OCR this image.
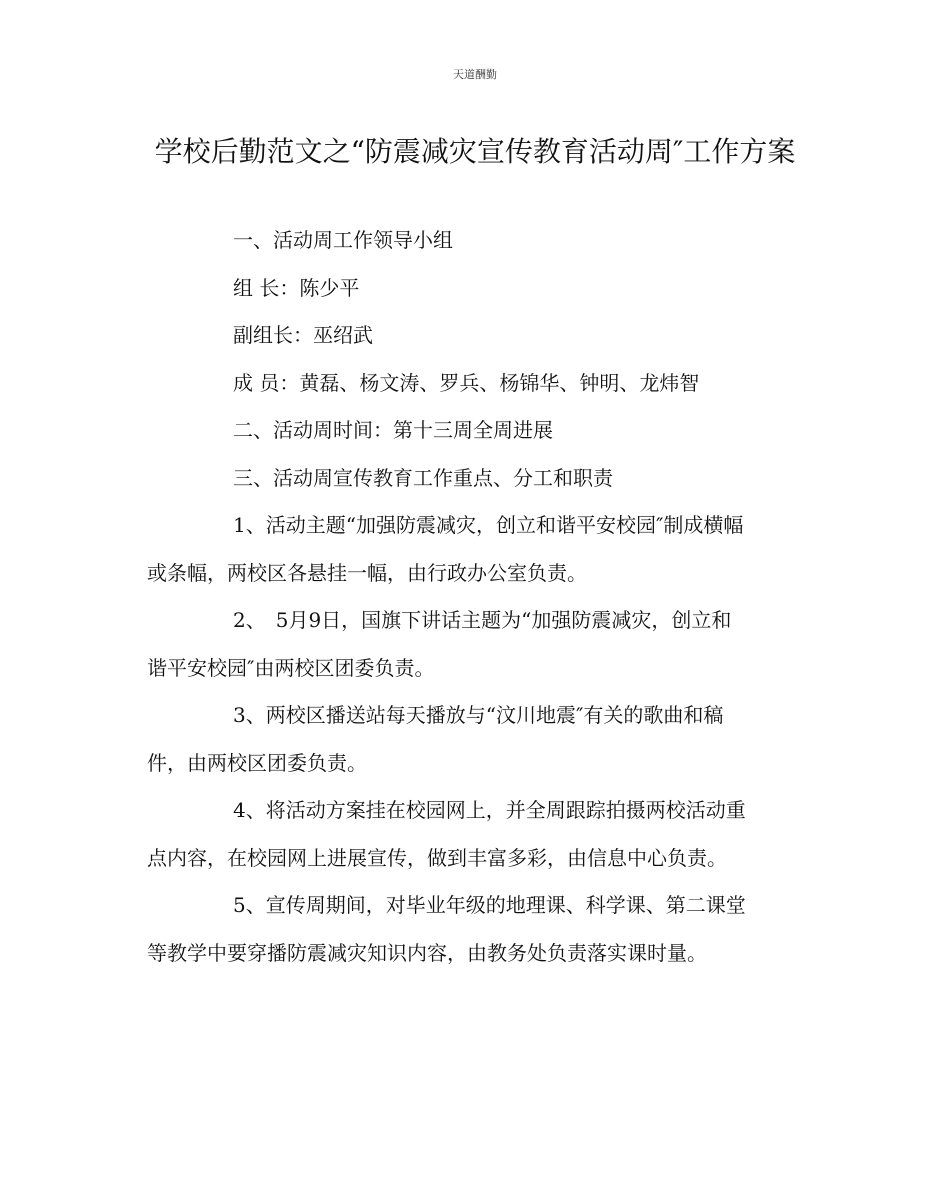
天道酬勤
学校后勤范文之“防震减灾宣传教育活动周″工作方案
一、活动周工作领导小组
组 长：陈少平
副组长：巫绍武
成 员：黄磊、杨文涛、罗兵、杨锦华、钟明、龙炜智
二、活动周时间：第十三周全周进展
三、活动周宣传教育工作重点、分工和职责
1、活动主题“加强防震减灾，创立和谐平安校园″制成横幅
或条幅，两校区各悬挂一幅，由行政办公室负责。
2、　5月9日，国旗下讲话主题为“加强防震减灾，创立和
谐平安校园″由两校区团委负责。
3、两校区播送站每天播放与“汶川地震″有关的歌曲和稿
件，由两校区团委负责。
4、将活动方案挂在校园网上，并全周跟踪拍摄两校活动重
点内容，在校园网上进展宣传，做到丰富多彩，由信息中心负责。
5、宣传周期间，对毕业年级的地理课、科学课、第二课堂
等教学中要穿播防震减灾知识内容，由教务处负责落实课时量。
